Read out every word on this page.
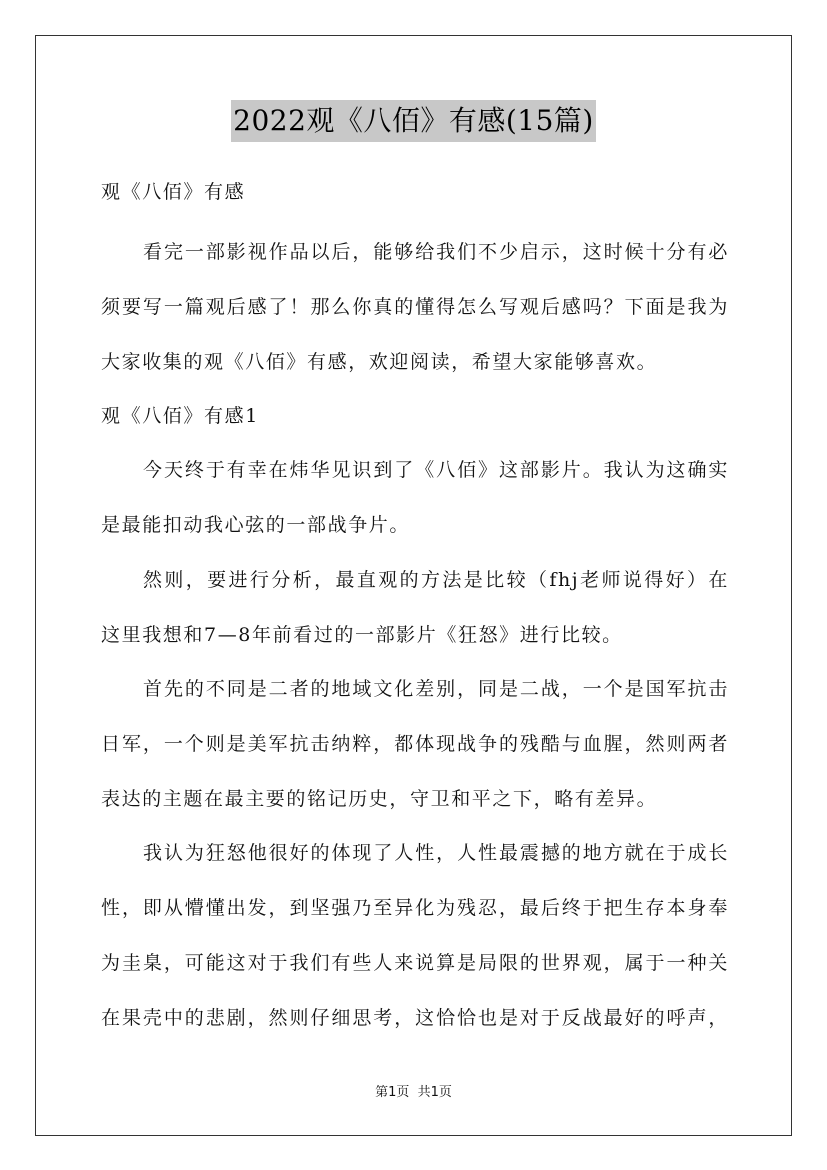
2022观《八佰》有感(15篇)
观《八佰》有感
看完一部影视作品以后，能够给我们不少启示，这时候十分有必
须要写一篇观后感了！那么你真的懂得怎么写观后感吗？下面是我为
大家收集的观《八佰》有感，欢迎阅读，希望大家能够喜欢。
观《八佰》有感1
今天终于有幸在炜华见识到了《八佰》这部影片。我认为这确实
是最能扣动我心弦的一部战争片。
然则，要进行分析，最直观的方法是比较（fhj老师说得好）在
这里我想和7—8年前看过的一部影片《狂怒》进行比较。
首先的不同是二者的地域文化差别，同是二战，一个是国军抗击
日军，一个则是美军抗击纳粹，都体现战争的残酷与血腥，然则两者
表达的主题在最主要的铭记历史，守卫和平之下，略有差异。
我认为狂怒他很好的体现了人性，人性最震撼的地方就在于成长
性，即从懵懂出发，到坚强乃至异化为残忍，最后终于把生存本身奉
为圭臬，可能这对于我们有些人来说算是局限的世界观，属于一种关
在果壳中的悲剧，然则仔细思考，这恰恰也是对于反战最好的呼声，
第1页 共1页
